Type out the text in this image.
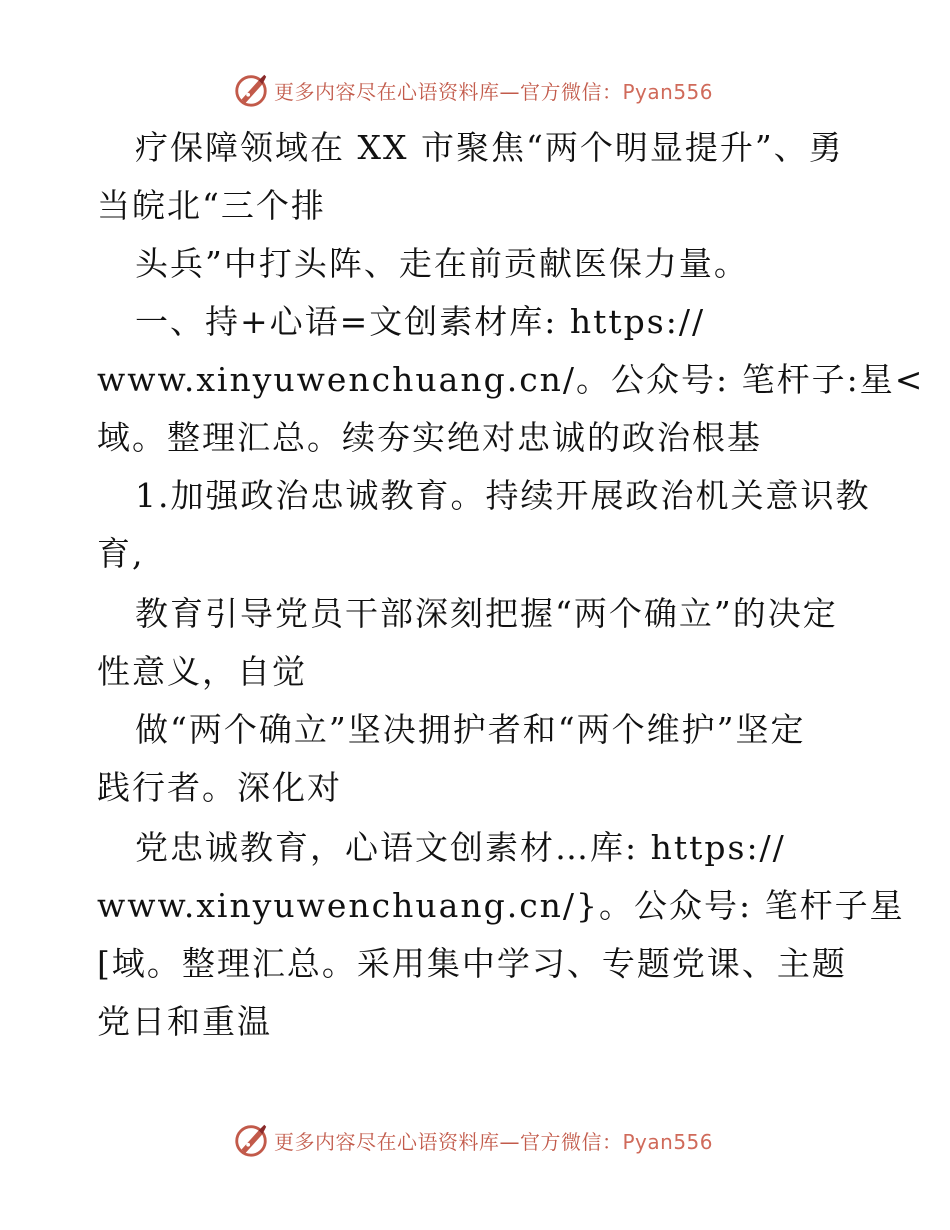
更多内容尽在心语资料库—官方微信：Pyan556
疗保障领域在 XX 市聚焦“两个明显提升”、勇
当皖北“三个排
头兵”中打头阵、走在前贡献医保力量。
一、持+心语=文创素材库: https://
www.xinyuwenchuang.cn/。公众号: 笔杆子:星<
域。整理汇总。续夯实绝对忠诚的政治根基
1.加强政治忠诚教育。持续开展政治机关意识教
育,
教育引导党员干部深刻把握“两个确立”的决定
性意义，自觉
做“两个确立”坚决拥护者和“两个维护”坚定
践行者。深化对
党忠诚教育，心语文创素材…库: https://
www.xinyuwenchuang.cn/}。公众号: 笔杆子星
[域。整理汇总。采用集中学习、专题党课、主题
党日和重温
更多内容尽在心语资料库—官方微信：Pyan556
